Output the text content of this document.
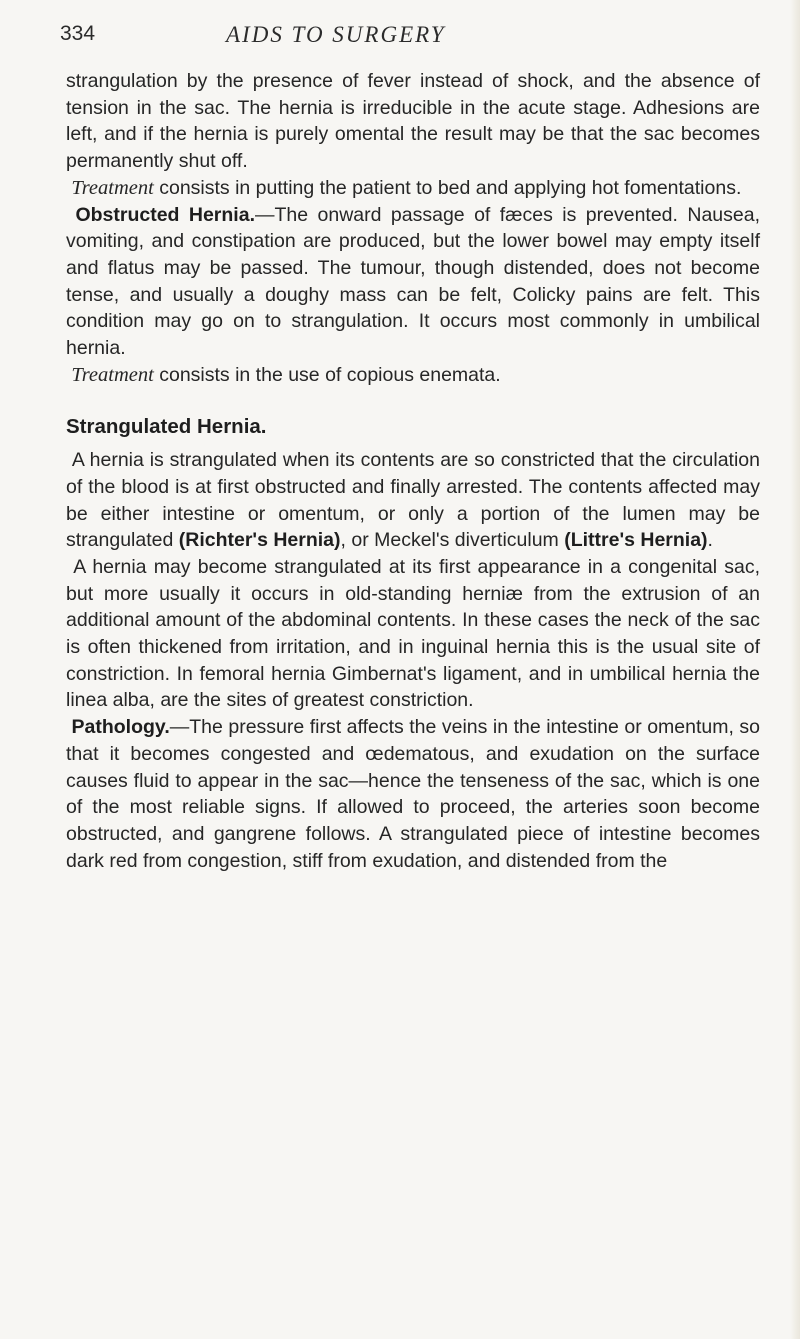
334	AIDS TO SURGERY

strangulation by the presence of fever instead of shock, and the absence of tension in the sac. The hernia is irreducible in the acute stage. Adhesions are left, and if the hernia is purely omental the result may be that the sac becomes permanently shut off.

Treatment consists in putting the patient to bed and applying hot fomentations.

Obstructed Hernia.—The onward passage of fæces is prevented. Nausea, vomiting, and constipation are produced, but the lower bowel may empty itself and flatus may be passed. The tumour, though distended, does not become tense, and usually a doughy mass can be felt, Colicky pains are felt. This condition may go on to strangulation. It occurs most commonly in umbilical hernia.

Treatment consists in the use of copious enemata.

Strangulated Hernia.

A hernia is strangulated when its contents are so constricted that the circulation of the blood is at first obstructed and finally arrested. The contents affected may be either intestine or omentum, or only a portion of the lumen may be strangulated (Richter's Hernia), or Meckel's diverticulum (Littre's Hernia).

A hernia may become strangulated at its first appearance in a congenital sac, but more usually it occurs in old-standing herniæ from the extrusion of an additional amount of the abdominal contents. In these cases the neck of the sac is often thickened from irritation, and in inguinal hernia this is the usual site of constriction. In femoral hernia Gimbernat's ligament, and in umbilical hernia the linea alba, are the sites of greatest constriction.

Pathology.—The pressure first affects the veins in the intestine or omentum, so that it becomes congested and œdematous, and exudation on the surface causes fluid to appear in the sac—hence the tenseness of the sac, which is one of the most reliable signs. If allowed to proceed, the arteries soon become obstructed, and gangrene follows. A strangulated piece of intestine becomes dark red from congestion, stiff from exudation, and distended from the
